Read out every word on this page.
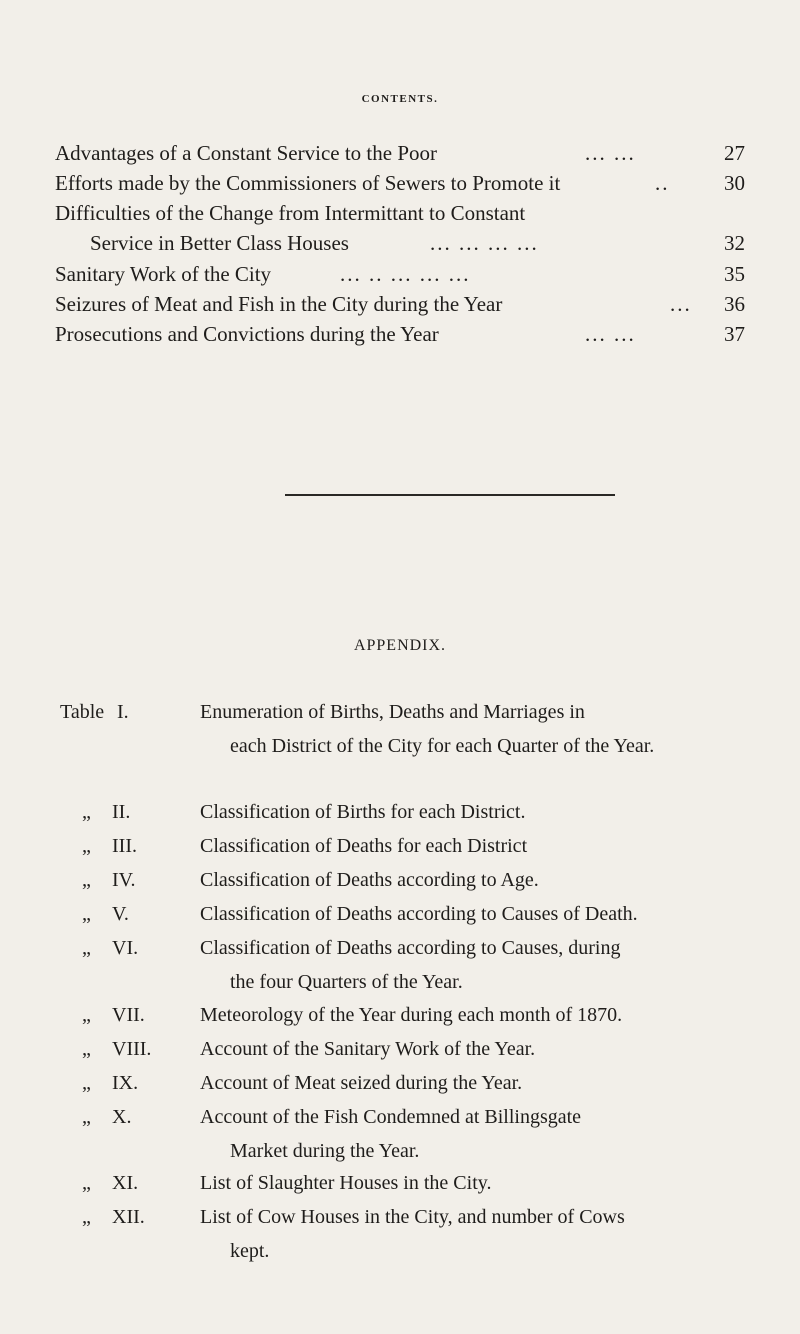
CONTENTS.
Advantages of a Constant Service to the Poor	... ...	27
Efforts made by the Commissioners of Sewers to Promote it	..	30
Difficulties of the Change from Intermittant to Constant
Service in Better Class Houses	... ... ... ...	32
Sanitary Work of the City	... .. ... ... ...	35
Seizures of Meat and Fish in the City during the Year	...	36
Prosecutions and Convictions during the Year	... ...	37
APPENDIX.
Table I.	Enumeration of Births, Deaths and Marriages in
each District of the City for each Quarter of the Year.
„	II.	Classification of Births for each District.
„	III.	Classification of Deaths for each District
„	IV.	Classification of Deaths according to Age.
„	V.	Classification of Deaths according to Causes of Death.
„	VI.	Classification of Deaths according to Causes, during
the four Quarters of the Year.
„	VII.	Meteorology of the Year during each month of 1870.
„	VIII.	Account of the Sanitary Work of the Year.
„	IX.	Account of Meat seized during the Year.
„	X.	Account of the Fish Condemned at Billingsgate
Market during the Year.
„	XI.	List of Slaughter Houses in the City.
„	XII.	List of Cow Houses in the City, and number of Cows
kept.
